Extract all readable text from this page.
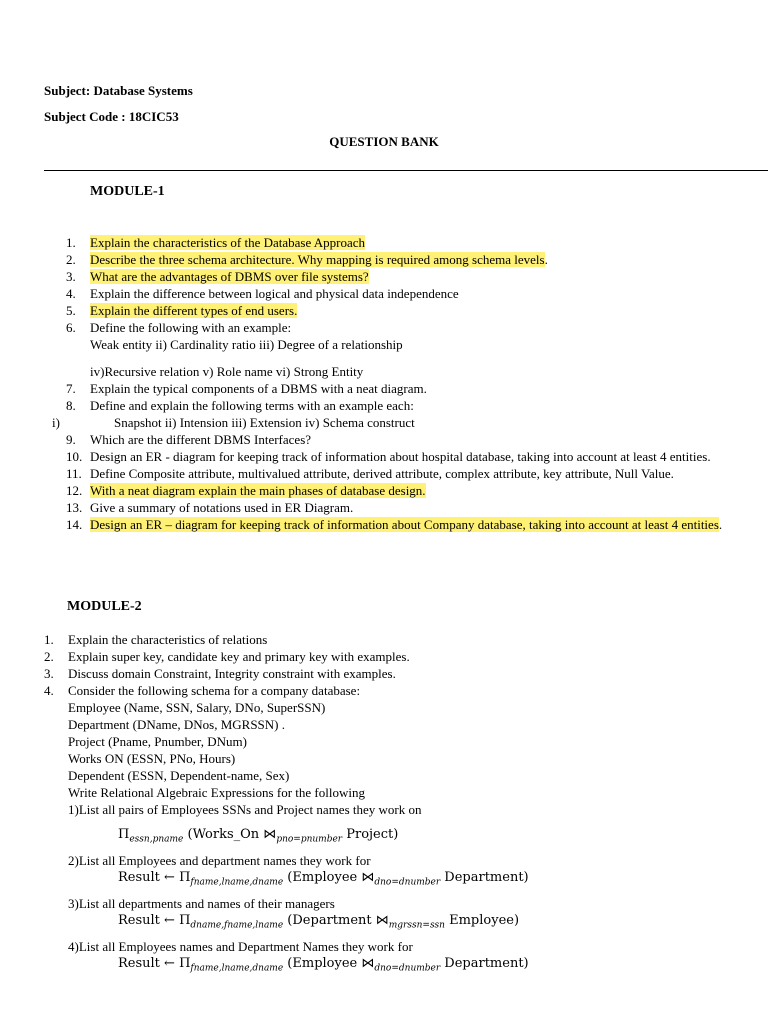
Subject: Database Systems
Subject Code : 18CIC53
QUESTION BANK
MODULE-1
1. Explain the characteristics of the Database Approach
2. Describe the three schema architecture. Why mapping is required among schema levels.
3. What are the advantages of DBMS over file systems?
4. Explain the difference between logical and physical data independence
5. Explain the different types of end users.
6. Define the following with an example:
Weak entity ii) Cardinality ratio iii) Degree of a relationship
iv)Recursive relation v) Role name vi) Strong Entity
7. Explain the typical components of a DBMS with a neat diagram.
8. Define and explain the following terms with an example each:
i)	Snapshot ii) Intension iii) Extension iv) Schema construct
9. Which are the different DBMS Interfaces?
10. Design an ER - diagram for keeping track of information about hospital database, taking into account at least 4 entities.
11. Define Composite attribute, multivalued attribute, derived attribute, complex attribute, key attribute, Null Value.
12. With a neat diagram explain the main phases of database design.
13. Give a summary of notations used in ER Diagram.
14. Design an ER – diagram for keeping track of information about Company database, taking into account at least 4 entities.
MODULE-2
1. Explain the characteristics of relations
2. Explain super key, candidate key and primary key with examples.
3. Discuss domain Constraint, Integrity constraint with examples.
4. Consider the following schema for a company database:
Employee (Name, SSN, Salary, DNo, SuperSSN)
Department (DName, DNos, MGRSSN) .
Project (Pname, Pnumber, DNum)
Works ON (ESSN, PNo, Hours)
Dependent (ESSN, Dependent-name, Sex)
Write Relational Algebraic Expressions for the following
1)List all pairs of Employees SSNs and Project names they work on
$\Pi_{essn,pname}$ (Works_On $⋈_{pno=pnumber}$ Project)
2)List all Employees and department names they work for
Result ← $\Pi_{fname,lname,dname}$ (Employee $⋈_{dno=dnumber}$ Department)
3)List all departments and names of their managers
Result ← $\Pi_{dname,fname,lname}$ (Department $⋈_{mgrssn=ssn}$ Employee)
4)List all Employees names and Department Names they work for
Result ← $\Pi_{fname,lname,dname}$ (Employee $⋈_{dno=dnumber}$ Department)
